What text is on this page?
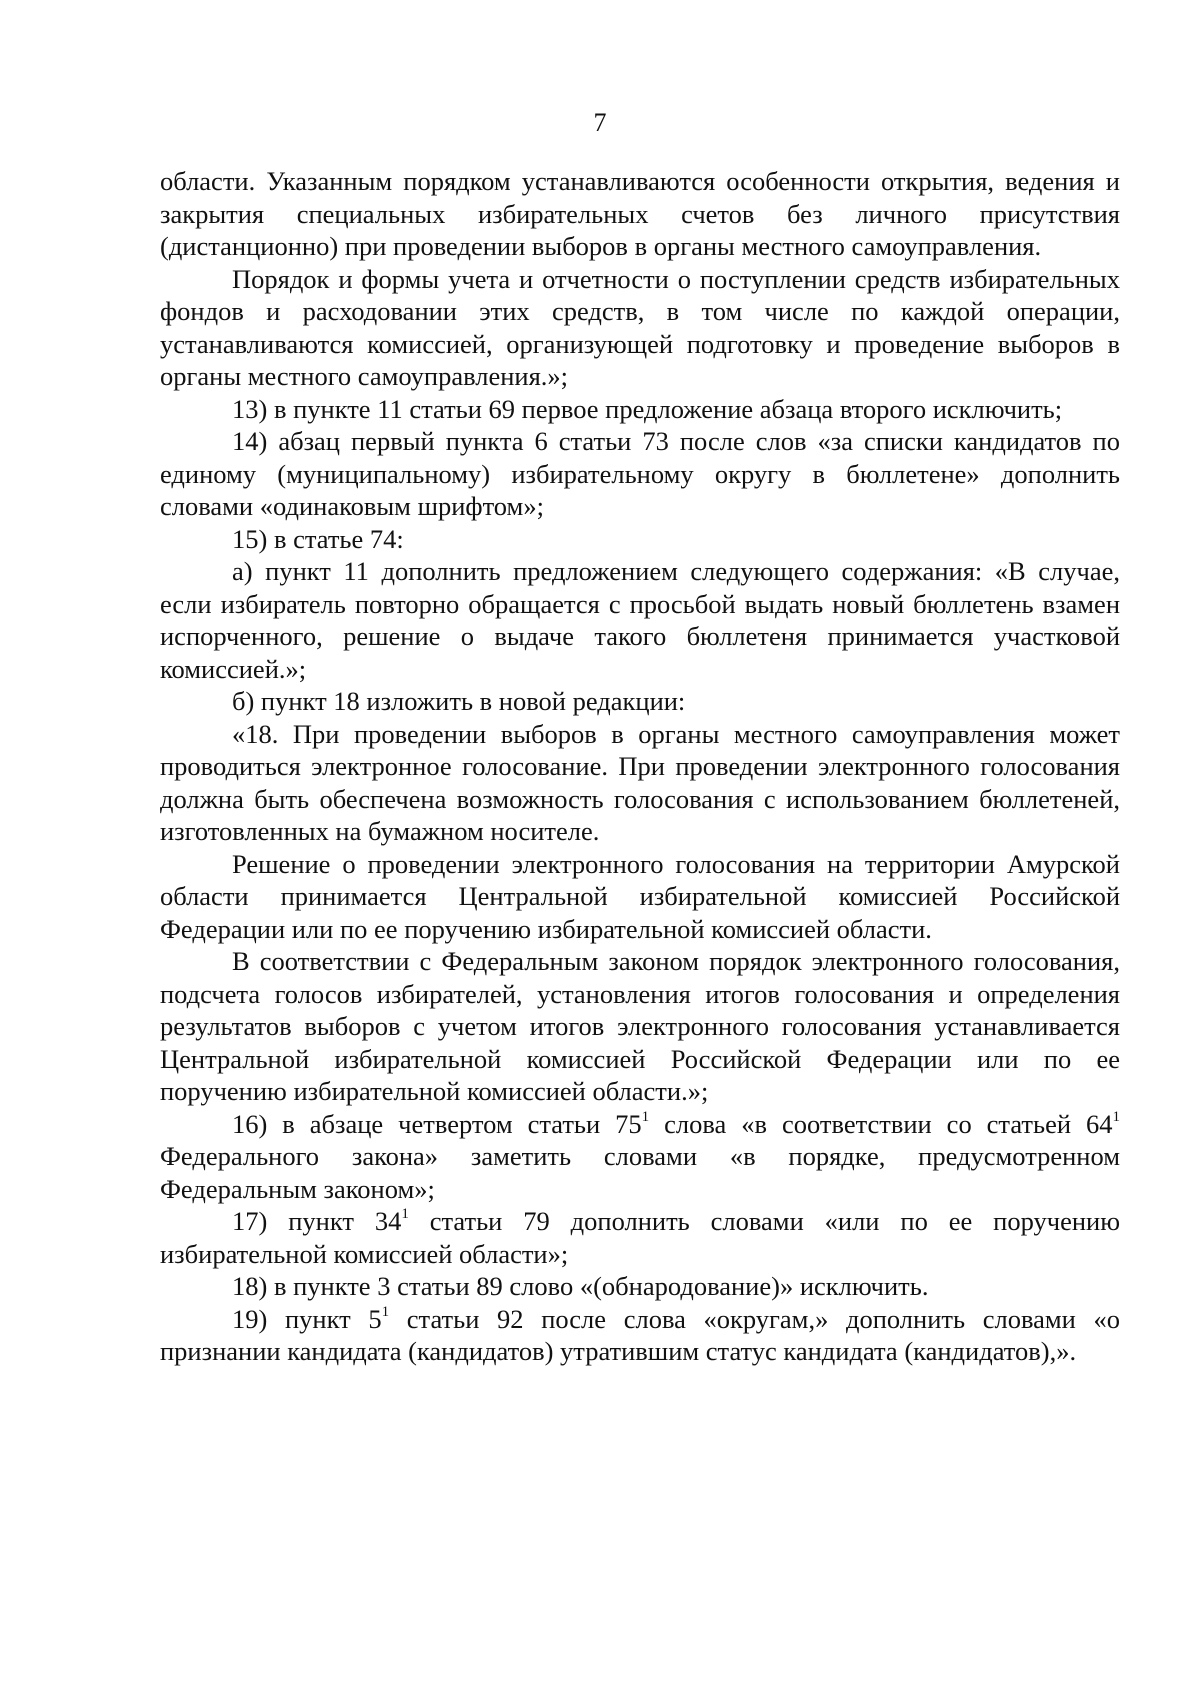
7

области. Указанным порядком устанавливаются особенности открытия, ведения и закрытия специальных избирательных счетов без личного присутствия (дистанционно) при проведении выборов в органы местного самоуправления.

Порядок и формы учета и отчетности о поступлении средств избирательных фондов и расходовании этих средств, в том числе по каждой операции, устанавливаются комиссией, организующей подготовку и проведение выборов в органы местного самоуправления.»;

13) в пункте 11 статьи 69 первое предложение абзаца второго исключить;

14) абзац первый пункта 6 статьи 73 после слов «за списки кандидатов по единому (муниципальному) избирательному округу в бюллетене» дополнить словами «одинаковым шрифтом»;

15) в статье 74:

а) пункт 11 дополнить предложением следующего содержания: «В случае, если избиратель повторно обращается с просьбой выдать новый бюллетень взамен испорченного, решение о выдаче такого бюллетеня принимается участковой комиссией.»;

б) пункт 18 изложить в новой редакции:

«18. При проведении выборов в органы местного самоуправления может проводиться электронное голосование. При проведении электронного голосования должна быть обеспечена возможность голосования с использованием бюллетеней, изготовленных на бумажном носителе.

Решение о проведении электронного голосования на территории Амурской области принимается Центральной избирательной комиссией Российской Федерации или по ее поручению избирательной комиссией области.

В соответствии с Федеральным законом порядок электронного голосования, подсчета голосов избирателей, установления итогов голосования и определения результатов выборов с учетом итогов электронного голосования устанавливается Центральной избирательной комиссией Российской Федерации или по ее поручению избирательной комиссией области.»;

16) в абзаце четвертом статьи $75^1$ слова «в соответствии со статьей $64^1$ Федерального закона» заметить словами «в порядке, предусмотренном Федеральным законом»;

17) пункт $34^1$ статьи 79 дополнить словами «или по ее поручению избирательной комиссией области»;

18) в пункте 3 статьи 89 слово «(обнародование)» исключить.

19) пункт $5^1$ статьи 92 после слова «округам,» дополнить словами «о признании кандидата (кандидатов) утратившим статус кандидата (кандидатов),».
